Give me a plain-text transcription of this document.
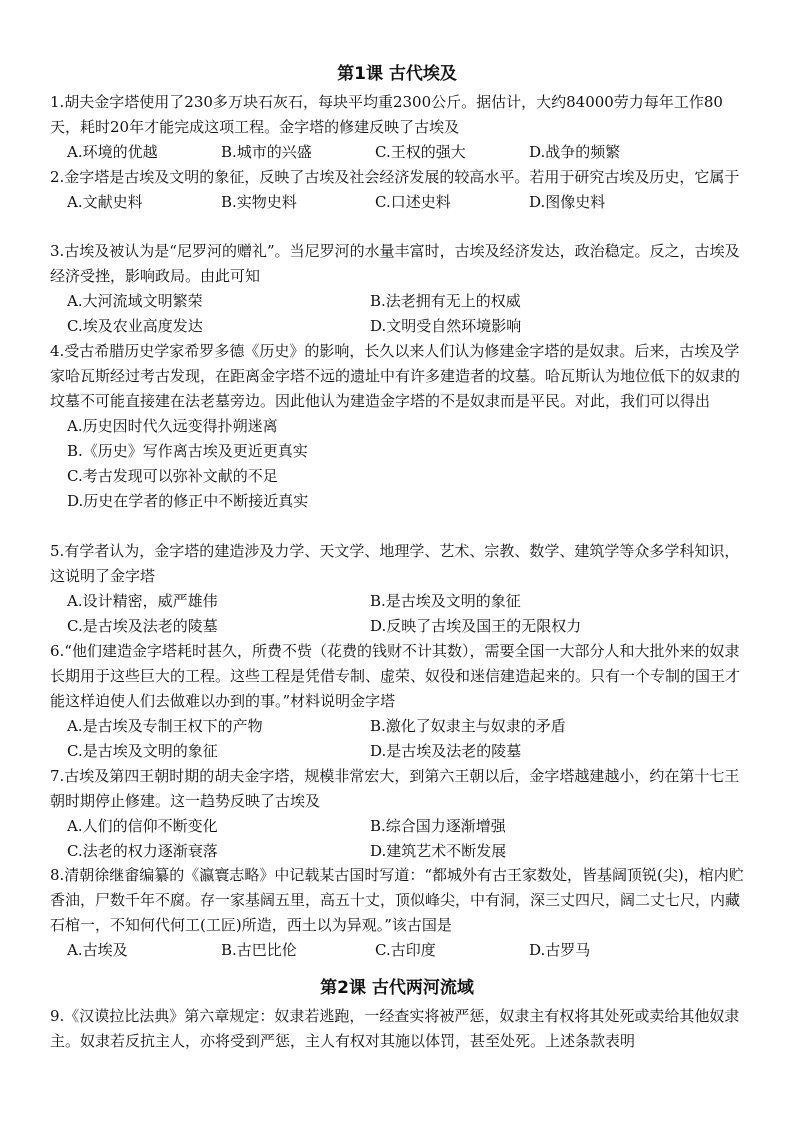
第1课 古代埃及

1.胡夫金字塔使用了230多万块石灰石，每块平均重2300公斤。据估计，大约84000劳力每年工作80天，耗时20年才能完成这项工程。金字塔的修建反映了古埃及

A.环境的优越	B.城市的兴盛	C.王权的强大	D.战争的频繁

2.金字塔是古埃及文明的象征，反映了古埃及社会经济发展的较高水平。若用于研究古埃及历史，它属于

A.文献史料	B.实物史料	C.口述史料	D.图像史料

3.古埃及被认为是“尼罗河的赠礼”。当尼罗河的水量丰富时，古埃及经济发达，政治稳定。反之，古埃及经济受挫，影响政局。由此可知

A.大河流域文明繁荣	B.法老拥有无上的权威
C.埃及农业高度发达	D.文明受自然环境影响

4.受古希腊历史学家希罗多德《历史》的影响，长久以来人们认为修建金字塔的是奴隶。后来，古埃及学家哈瓦斯经过考古发现，在距离金字塔不远的遗址中有许多建造者的坟墓。哈瓦斯认为地位低下的奴隶的坟墓不可能直接建在法老墓旁边。因此他认为建造金字塔的不是奴隶而是平民。对此，我们可以得出

A.历史因时代久远变得扑朔迷离
B.《历史》写作离古埃及更近更真实
C.考古发现可以弥补文献的不足
D.历史在学者的修正中不断接近真实

5.有学者认为，金字塔的建造涉及力学、天文学、地理学、艺术、宗教、数学、建筑学等众多学科知识，这说明了金字塔

A.设计精密，威严雄伟	B.是古埃及文明的象征
C.是古埃及法老的陵墓	D.反映了古埃及国王的无限权力

6.“他们建造金字塔耗时甚久，所费不赀（花费的钱财不计其数），需要全国一大部分人和大批外来的奴隶长期用于这些巨大的工程。这些工程是凭借专制、虚荣、奴役和迷信建造起来的。只有一个专制的国王才能这样迫使人们去做难以办到的事。”材料说明金字塔

A.是古埃及专制王权下的产物	B.激化了奴隶主与奴隶的矛盾
C.是古埃及文明的象征	D.是古埃及法老的陵墓

7.古埃及第四王朝时期的胡夫金字塔，规模非常宏大，到第六王朝以后，金字塔越建越小，约在第十七王朝时期停止修建。这一趋势反映了古埃及

A.人们的信仰不断变化	B.综合国力逐渐增强
C.法老的权力逐渐衰落	D.建筑艺术不断发展

8.清朝徐继畬编纂的《瀛寰志略》中记载某古国时写道：“都城外有古王家数处，皆基阔顶锐(尖)，棺内贮香油，尸数千年不腐。存一家基阔五里，高五十丈，顶似峰尖，中有洞，深三丈四尺，阔二丈七尺，内藏石棺一，不知何代何工(工匠)所造，西土以为异观。”该古国是

A.古埃及	B.古巴比伦	C.古印度	D.古罗马
第2课 古代两河流域

9.《汉谟拉比法典》第六章规定：奴隶若逃跑，一经查实将被严惩，奴隶主有权将其处死或卖给其他奴隶主。奴隶若反抗主人，亦将受到严惩，主人有权对其施以体罚，甚至处死。上述条款表明
